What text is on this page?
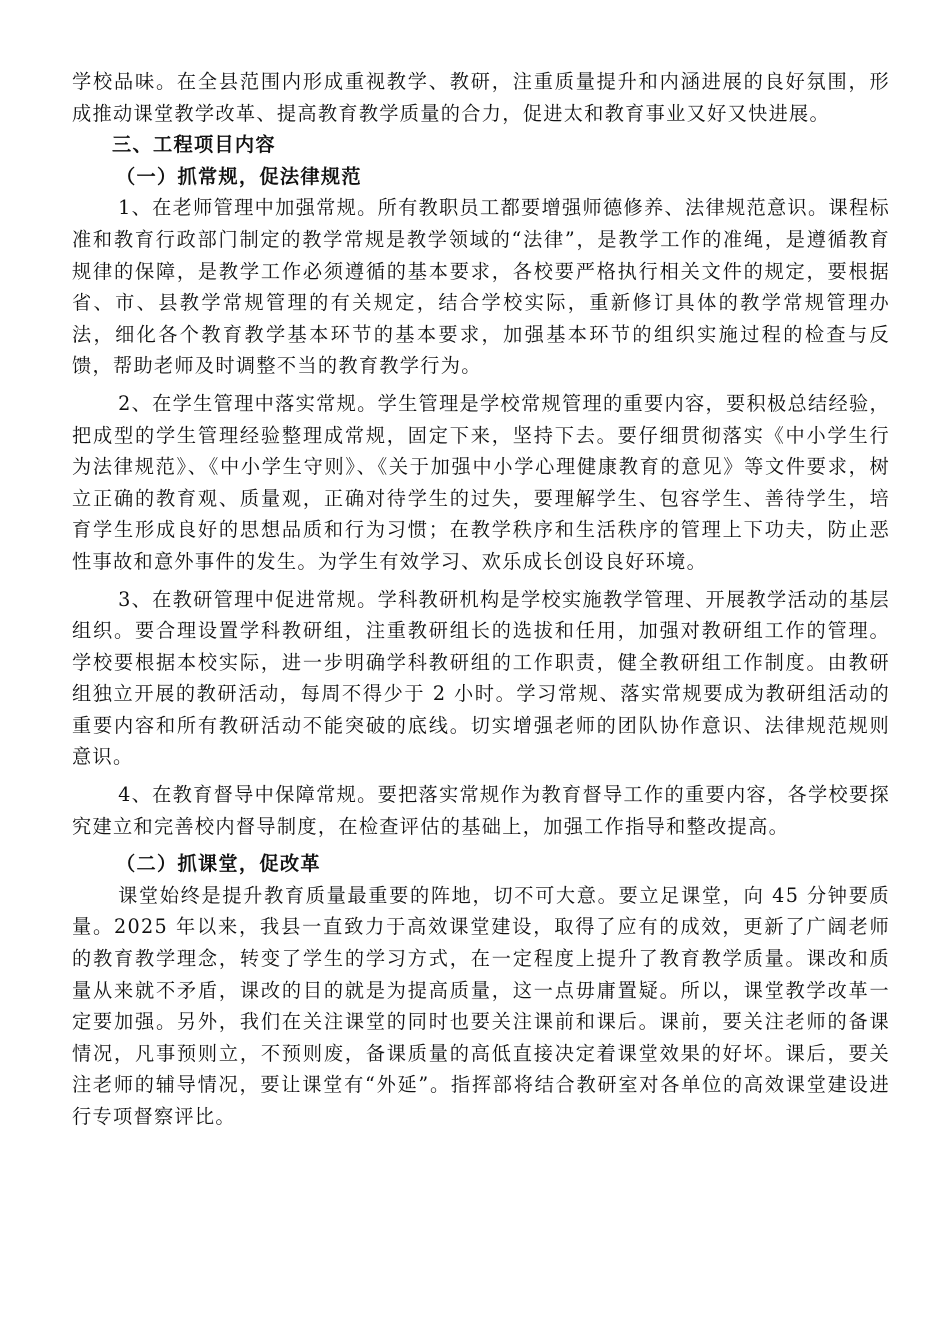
学校品味。在全县范围内形成重视教学、教研，注重质量提升和内涵进展的良好氛围，形成推动课堂教学改革、提高教育教学质量的合力，促进太和教育事业又好又快进展。

三、工程项目内容

（一）抓常规，促法律规范

1、在老师管理中加强常规。所有教职员工都要增强师德修养、法律规范意识。课程标准和教育行政部门制定的教学常规是教学领域的“法律”，是教学工作的准绳，是遵循教育规律的保障，是教学工作必须遵循的基本要求，各校要严格执行相关文件的规定，要根据省、市、县教学常规管理的有关规定，结合学校实际，重新修订具体的教学常规管理办法，细化各个教育教学基本环节的基本要求，加强基本环节的组织实施过程的检查与反馈，帮助老师及时调整不当的教育教学行为。

2、在学生管理中落实常规。学生管理是学校常规管理的重要内容，要积极总结经验，把成型的学生管理经验整理成常规，固定下来，坚持下去。要仔细贯彻落实《中小学生行为法律规范》、《中小学生守则》、《关于加强中小学心理健康教育的意见》等文件要求，树立正确的教育观、质量观，正确对待学生的过失，要理解学生、包容学生、善待学生，培育学生形成良好的思想品质和行为习惯；在教学秩序和生活秩序的管理上下功夫，防止恶性事故和意外事件的发生。为学生有效学习、欢乐成长创设良好环境。

3、在教研管理中促进常规。学科教研机构是学校实施教学管理、开展教学活动的基层组织。要合理设置学科教研组，注重教研组长的选拔和任用，加强对教研组工作的管理。学校要根据本校实际，进一步明确学科教研组的工作职责，健全教研组工作制度。由教研组独立开展的教研活动，每周不得少于 2 小时。学习常规、落实常规要成为教研组活动的重要内容和所有教研活动不能突破的底线。切实增强老师的团队协作意识、法律规范规则意识。

4、在教育督导中保障常规。要把落实常规作为教育督导工作的重要内容，各学校要探究建立和完善校内督导制度，在检查评估的基础上，加强工作指导和整改提高。

（二）抓课堂，促改革

课堂始终是提升教育质量最重要的阵地，切不可大意。要立足课堂，向 45 分钟要质量。2025 年以来，我县一直致力于高效课堂建设，取得了应有的成效，更新了广阔老师的教育教学理念，转变了学生的学习方式，在一定程度上提升了教育教学质量。课改和质量从来就不矛盾，课改的目的就是为提高质量，这一点毋庸置疑。所以，课堂教学改革一定要加强。另外，我们在关注课堂的同时也要关注课前和课后。课前，要关注老师的备课情况，凡事预则立，不预则废，备课质量的高低直接决定着课堂效果的好坏。课后，要关注老师的辅导情况，要让课堂有“外延”。指挥部将结合教研室对各单位的高效课堂建设进行专项督察评比。
